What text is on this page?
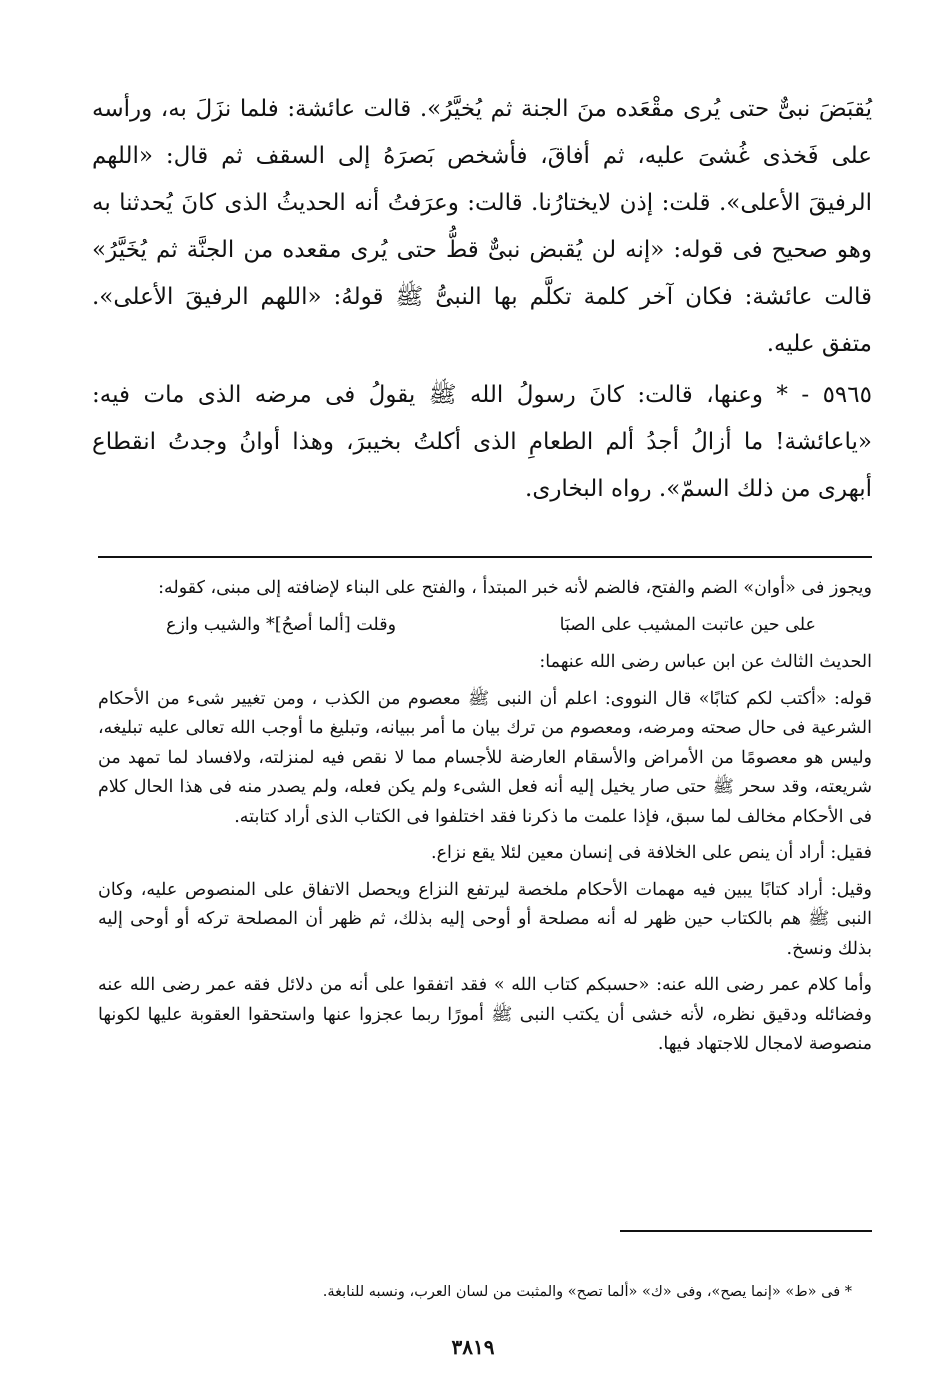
يُقبَضَ نبىٌّ حتى يُرى مقْعَده منَ الجنة ثم يُخيَّرُ». قالت عائشة: فلما نزَلَ به، ورأسه على فَخذى غُشىَ عليه، ثم أفاقَ، فأشخص بَصرَهُ إلى السقف ثم قال: «اللهم الرفيقَ الأعلى». قلت: إذن لايختارُنا. قالت: وعرَفتُ أنه الحديثُ الذى كانَ يُحدثنا به وهو صحيح فى قوله: «إنه لن يُقبض نبىٌّ قطُّ حتى يُرى مقعده من الجنَّة ثم يُخَيَّرُ» قالت عائشة: فكان آخر كلمة تكلَّم بها النبىُّ ﷺ قولهُ: «اللهم الرفيقَ الأعلى». متفق عليه.

٥٩٦٥ - * وعنها، قالت: كانَ رسولُ الله ﷺ يقولُ فى مرضه الذى مات فيه: «ياعائشة! ما أزالُ أجدُ ألم الطعامِ الذى أكلتُ بخيبرَ، وهذا أوانُ وجدتُ انقطاع أبهرى من ذلك السمّ». رواه البخارى.

ويجوز فى «أوان» الضم والفتح، فالضم لأنه خبر المبتدأ ، والفتح على البناء لإضافته إلى مبنى، كقوله:

على حين عاتبت المشيب على الصبَا
وقلت [ألما أصحُ]* والشيب وازع

الحديث الثالث عن ابن عباس رضى الله عنهما:

قوله: «أكتب لكم كتابًا» قال النووى: اعلم أن النبى ﷺ معصوم من الكذب ، ومن تغيير شىء من الأحكام الشرعية فى حال صحته ومرضه، ومعصوم من ترك بيان ما أمر ببيانه، وتبليغ ما أوجب الله تعالى عليه تبليغه، وليس هو معصومًا من الأمراض والأسقام العارضة للأجسام مما لا نقص فيه لمنزلته، ولافساد لما تمهد من شريعته، وقد سحر ﷺ حتى صار يخيل إليه أنه فعل الشىء ولم يكن فعله، ولم يصدر منه فى هذا الحال كلام فى الأحكام مخالف لما سبق، فإذا علمت ما ذكرنا فقد اختلفوا فى الكتاب الذى أراد كتابته.

فقيل: أراد أن ينص على الخلافة فى إنسان معين لئلا يقع نزاع.

وقيل: أراد كتابًا يبين فيه مهمات الأحكام ملخصة ليرتفع النزاع ويحصل الاتفاق على المنصوص عليه، وكان النبى ﷺ هم بالكتاب حين ظهر له أنه مصلحة أو أوحى إليه بذلك، ثم ظهر أن المصلحة تركه أو أوحى إليه بذلك ونسخ.

وأما كلام عمر رضى الله عنه: «حسبكم كتاب الله » فقد اتفقوا على أنه من دلائل فقه عمر رضى الله عنه وفضائله ودقيق نظره، لأنه خشى أن يكتب النبى ﷺ أمورًا ربما عجزوا عنها واستحقوا العقوبة عليها لكونها منصوصة لامجال للاجتهاد فيها.

* فى «ط» «إنما يصح»، وفى «ك» «ألما تصح» والمثبت من لسان العرب، ونسبه للنابغة.
٣٨١٩
